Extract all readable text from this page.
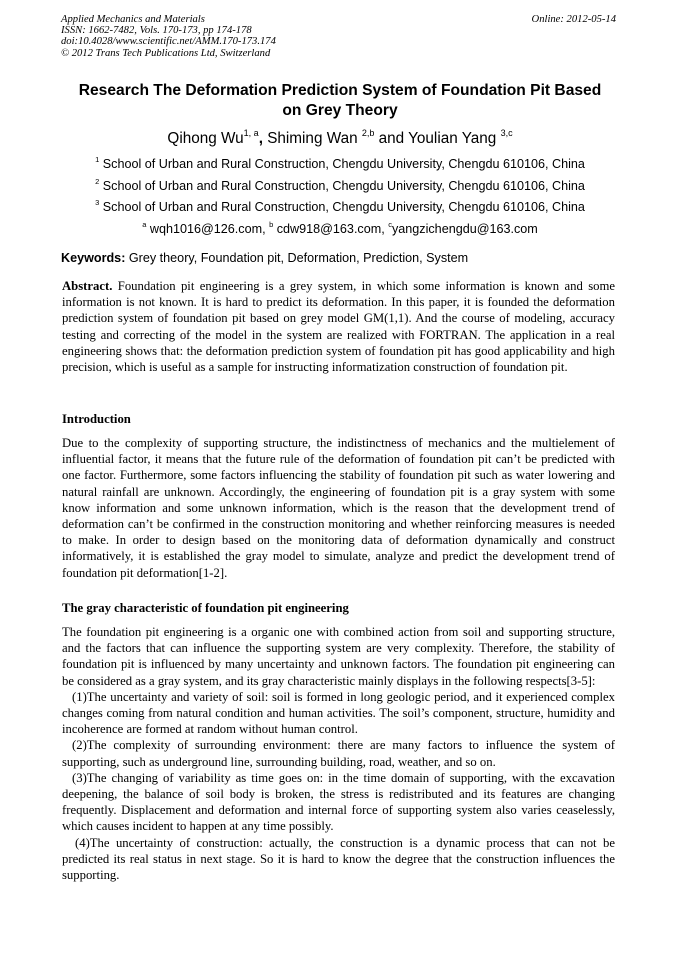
Applied Mechanics and Materials
ISSN: 1662-7482, Vols. 170-173, pp 174-178
doi:10.4028/www.scientific.net/AMM.170-173.174
© 2012 Trans Tech Publications Ltd, Switzerland
Online: 2012-05-14
Research The Deformation Prediction System of Foundation Pit Based
on Grey Theory
Qihong Wu$^{1, a}$, Shiming Wan $^{2,b}$ and Youlian Yang $^{3,c}$
$^1$ School of Urban and Rural Construction, Chengdu University, Chengdu 610106, China
$^2$ School of Urban and Rural Construction, Chengdu University, Chengdu 610106, China
$^3$ School of Urban and Rural Construction, Chengdu University, Chengdu 610106, China
$^a$ wqh1016@126.com, $^b$ cdw918@163.com, $^c$yangzichengdu@163.com
Keywords: Grey theory, Foundation pit, Deformation, Prediction, System

Abstract. Foundation pit engineering is a grey system, in which some information is known and some information is not known. It is hard to predict its deformation. In this paper, it is founded the deformation prediction system of foundation pit based on grey model GM(1,1). And the course of modeling, accuracy testing and correcting of the model in the system are realized with FORTRAN. The application in a real engineering shows that: the deformation prediction system of foundation pit has good applicability and high precision, which is useful as a sample for instructing informatization construction of foundation pit.

Introduction

Due to the complexity of supporting structure, the indistinctness of mechanics and the multielement of influential factor, it means that the future rule of the deformation of foundation pit can’t be predicted with one factor. Furthermore, some factors influencing the stability of foundation pit such as water lowering and natural rainfall are unknown. Accordingly, the engineering of foundation pit is a gray system with some know information and some unknown information, which is the reason that the development trend of deformation can’t be confirmed in the construction monitoring and whether reinforcing measures is needed to make. In order to design based on the monitoring data of deformation dynamically and construct informatively, it is established the gray model to simulate, analyze and predict the development trend of foundation pit deformation[1-2].

The gray characteristic of foundation pit engineering

The foundation pit engineering is a organic one with combined action from soil and supporting structure, and the factors that can influence the supporting system are very complexity. Therefore, the stability of foundation pit is influenced by many uncertainty and unknown factors. The foundation pit engineering can be considered as a gray system, and its gray characteristic mainly displays in the following respects[3-5]:

(1)The uncertainty and variety of soil: soil is formed in long geologic period, and it experienced complex changes coming from natural condition and human activities. The soil’s component, structure, humidity and incoherence are formed at random without human control.

(2)The complexity of surrounding environment: there are many factors to influence the system of supporting, such as underground line, surrounding building, road, weather, and so on.

(3)The changing of variability as time goes on: in the time domain of supporting, with the excavation deepening, the balance of soil body is broken, the stress is redistributed and its features are changing frequently. Displacement and deformation and internal force of supporting system also varies ceaselessly, which causes incident to happen at any time possibly.

(4)The uncertainty of construction: actually, the construction is a dynamic process that can not be predicted its real status in next stage. So it is hard to know the degree that the construction influences the supporting.
